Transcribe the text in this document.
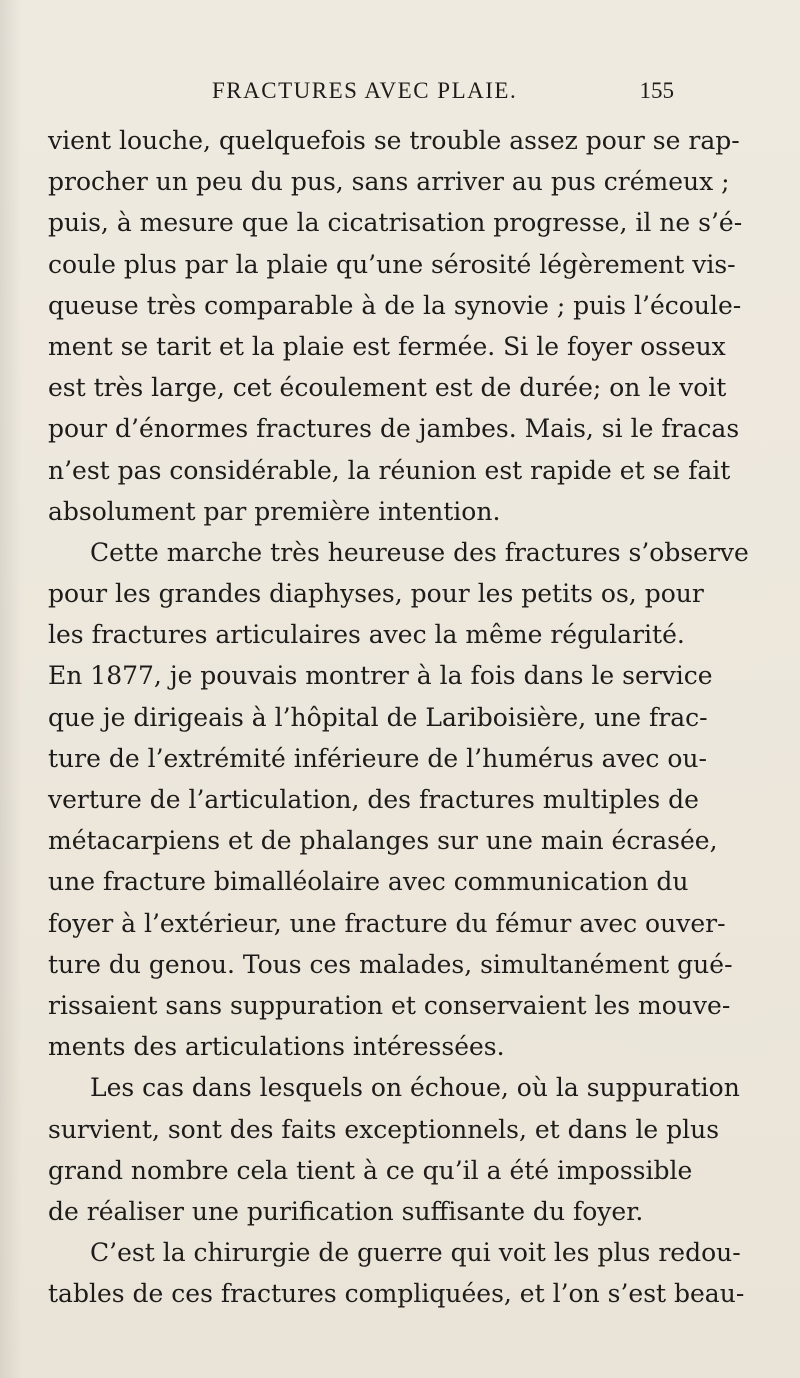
FRACTURES AVEC PLAIE.	155
vient louche, quelquefois se trouble assez pour se rap-
procher un peu du pus, sans arriver au pus crémeux ;
puis, à mesure que la cicatrisation progresse, il ne s’é-
coule plus par la plaie qu’une sérosité légèrement vis-
queuse très comparable à de la synovie ; puis l’écoule-
ment se tarit et la plaie est fermée. Si le foyer osseux
est très large, cet écoulement est de durée; on le voit
pour d’énormes fractures de jambes. Mais, si le fracas
n’est pas considérable, la réunion est rapide et se fait
absolument par première intention.
Cette marche très heureuse des fractures s’observe
pour les grandes diaphyses, pour les petits os, pour
les fractures articulaires avec la même régularité.
En 1877, je pouvais montrer à la fois dans le service
que je dirigeais à l’hôpital de Lariboisière, une frac-
ture de l’extrémité inférieure de l’humérus avec ou-
verture de l’articulation, des fractures multiples de
métacarpiens et de phalanges sur une main écrasée,
une fracture bimalléolaire avec communication du
foyer à l’extérieur, une fracture du fémur avec ouver-
ture du genou. Tous ces malades, simultanément gué-
rissaient sans suppuration et conservaient les mouve-
ments des articulations intéressées.
Les cas dans lesquels on échoue, où la suppuration
survient, sont des faits exceptionnels, et dans le plus
grand nombre cela tient à ce qu’il a été impossible
de réaliser une purification suffisante du foyer.
C’est la chirurgie de guerre qui voit les plus redou-
tables de ces fractures compliquées, et l’on s’est beau-
